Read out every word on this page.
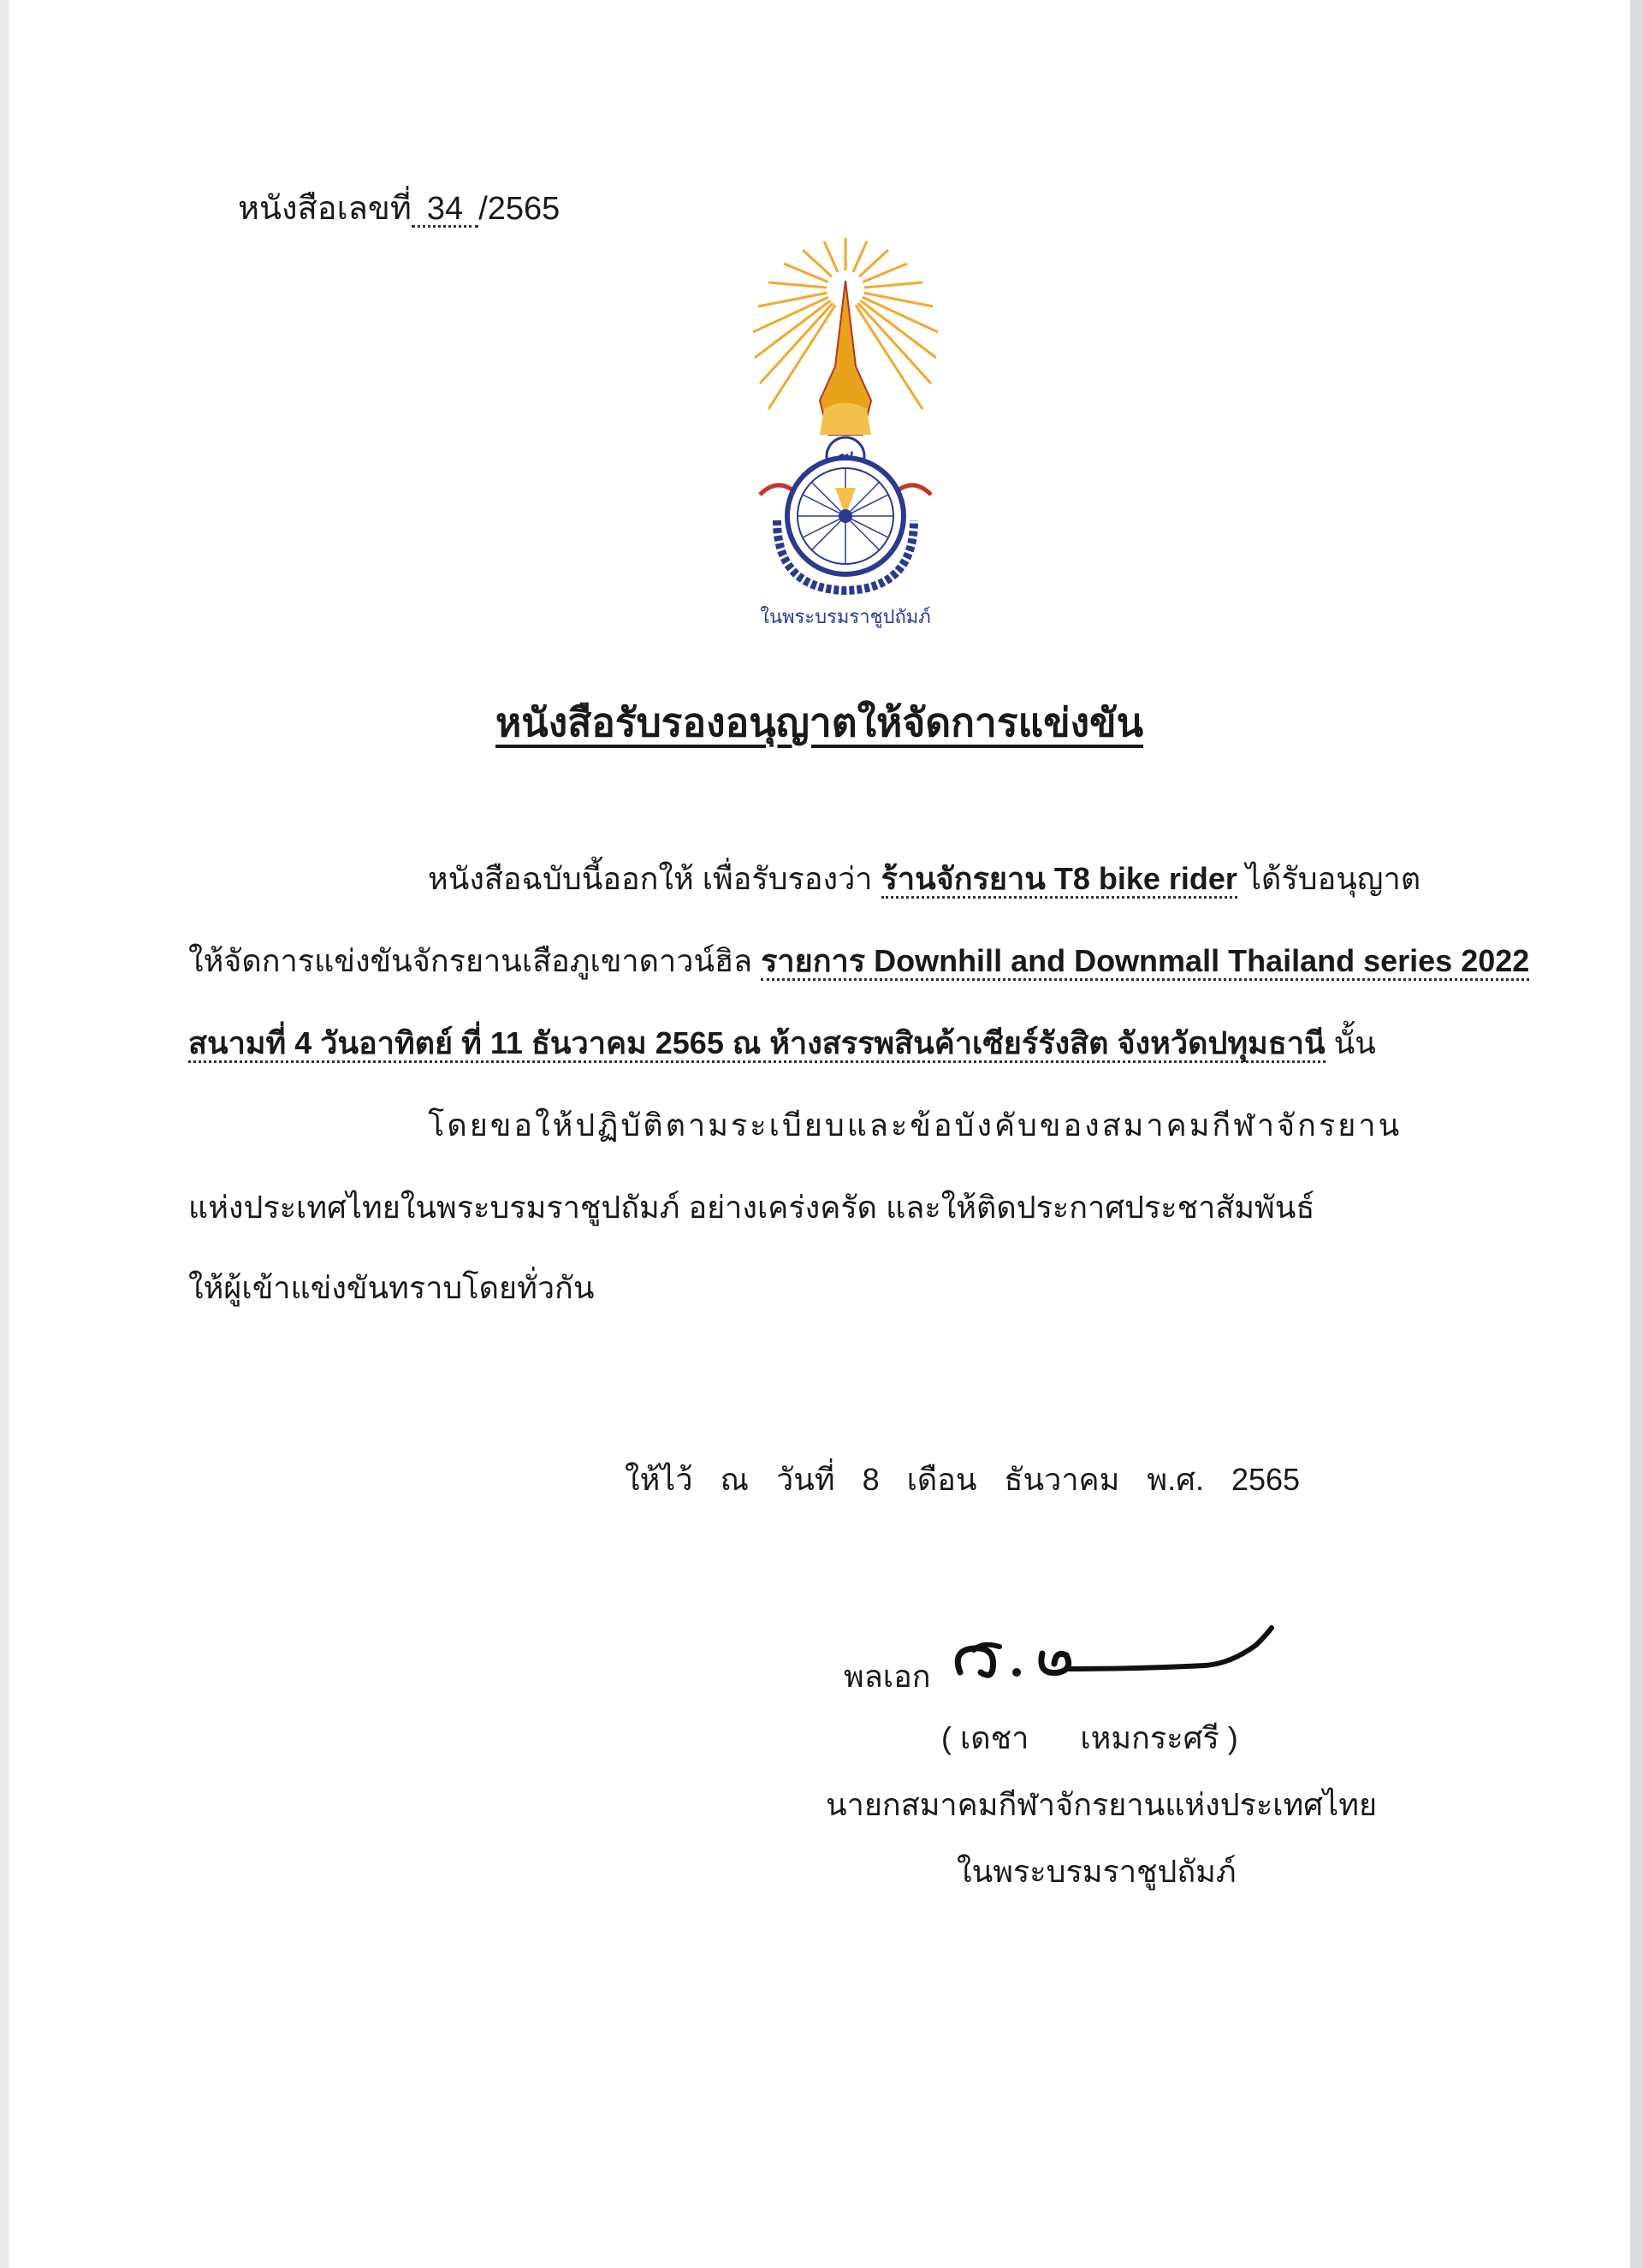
หนังสือเลขที่ 34 /2565
ในพระบรมราชูปถัมภ์
หนังสือรับรองอนุญาตให้จัดการแข่งขัน
หนังสือฉบับนี้ออกให้ เพื่อรับรองว่า ร้านจักรยาน T8 bike rider ได้รับอนุญาต
ให้จัดการแข่งขันจักรยานเสือภูเขาดาวน์ฮิล รายการ Downhill and Downmall Thailand series 2022
สนามที่ 4 วันอาทิตย์ ที่ 11 ธันวาคม 2565 ณ ห้างสรรพสินค้าเซียร์รังสิต จังหวัดปทุมธานี นั้น
โดยขอให้ปฏิบัติตามระเบียบและข้อบังคับของสมาคมกีฬาจักรยาน
แห่งประเทศไทยในพระบรมราชูปถัมภ์ อย่างเคร่งครัด และให้ติดประกาศประชาสัมพันธ์
ให้ผู้เข้าแข่งขันทราบโดยทั่วกัน
ให้ไว้ ณ วันที่ 8 เดือน ธันวาคม พ.ศ. 2565
พลเอก
( เดชา      เหมกระศรี )
นายกสมาคมกีฬาจักรยานแห่งประเทศไทย
ในพระบรมราชูปถัมภ์
